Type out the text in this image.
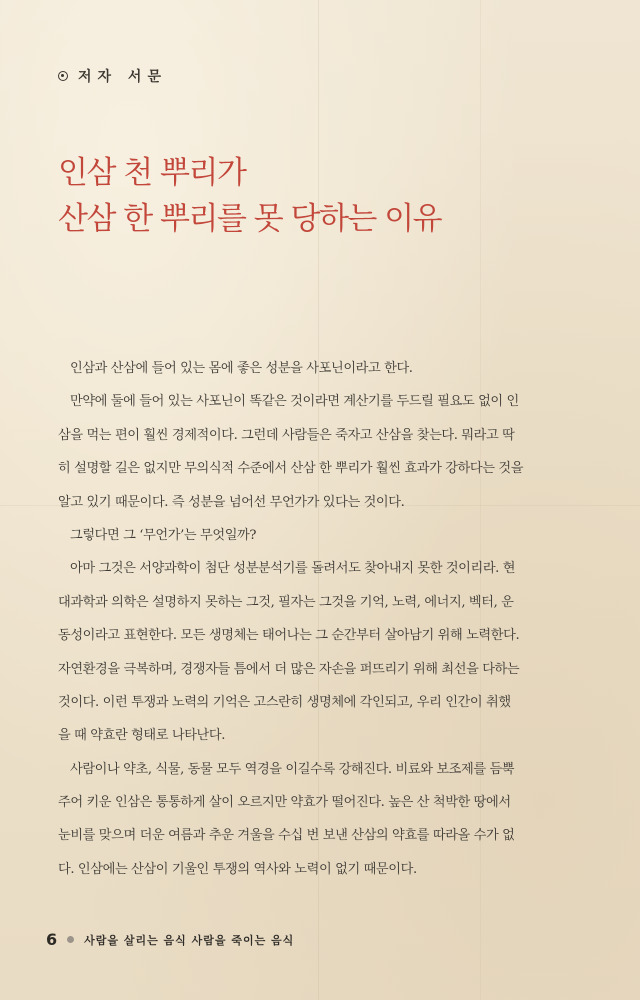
저자 서문
인삼 천 뿌리가
산삼 한 뿌리를 못 당하는 이유
인삼과 산삼에 들어 있는 몸에 좋은 성분을 사포닌이라고 한다.
만약에 둘에 들어 있는 사포닌이 똑같은 것이라면 계산기를 두드릴 필요도 없이 인
삼을 먹는 편이 훨씬 경제적이다. 그런데 사람들은 죽자고 산삼을 찾는다. 뭐라고 딱
히 설명할 길은 없지만 무의식적 수준에서 산삼 한 뿌리가 훨씬 효과가 강하다는 것을
알고 있기 때문이다. 즉 성분을 넘어선 무언가가 있다는 것이다.
그렇다면 그 ‘무언가’는 무엇일까?
아마 그것은 서양과학이 첨단 성분분석기를 돌려서도 찾아내지 못한 것이리라. 현
대과학과 의학은 설명하지 못하는 그것, 필자는 그것을 기억, 노력, 에너지, 벡터, 운
동성이라고 표현한다. 모든 생명체는 태어나는 그 순간부터 살아남기 위해 노력한다.
자연환경을 극복하며, 경쟁자들 틈에서 더 많은 자손을 퍼뜨리기 위해 최선을 다하는
것이다. 이런 투쟁과 노력의 기억은 고스란히 생명체에 각인되고, 우리 인간이 취했
을 때 약효란 형태로 나타난다.
사람이나 약초, 식물, 동물 모두 역경을 이길수록 강해진다. 비료와 보조제를 듬뿍
주어 키운 인삼은 통통하게 살이 오르지만 약효가 떨어진다. 높은 산 척박한 땅에서
눈비를 맞으며 더운 여름과 추운 겨울을 수십 번 보낸 산삼의 약효를 따라올 수가 없
다. 인삼에는 산삼이 기울인 투쟁의 역사와 노력이 없기 때문이다.
6 사람을 살리는 음식 사람을 죽이는 음식
